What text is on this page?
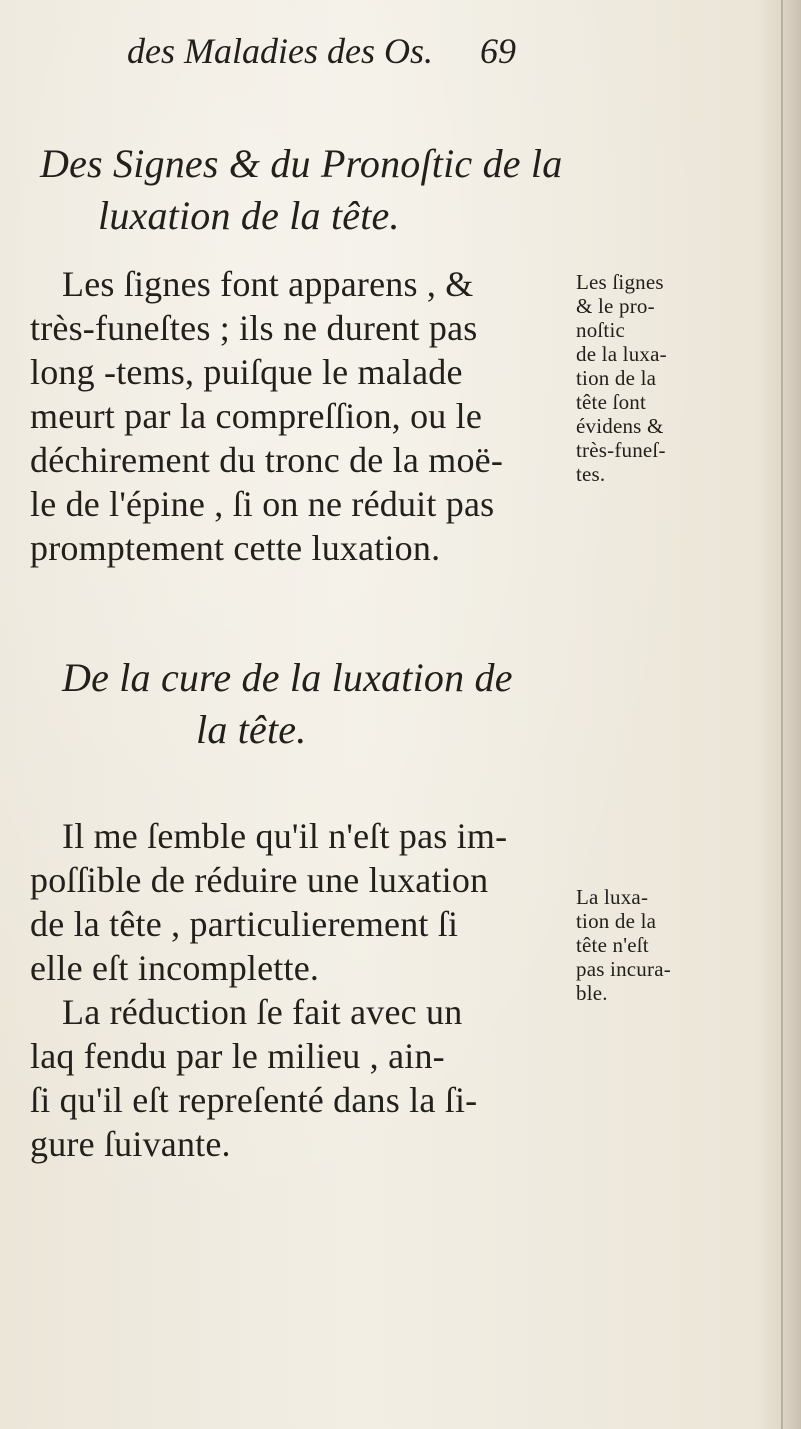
des Maladies des Os. 69
Des Signes & du Pronoſtic de la
luxation de la tête.
Les ſignes font apparens , &
très-funeſtes ; ils ne durent pas
long -tems, puiſque le malade
meurt par la compreſſion, ou le
déchirement du tronc de la moë-
le de l'épine , ſi on ne réduit pas
promptement cette luxation.
Les ſignes
& le pro-
noſtic
de la luxa-
tion de la
tête ſont
évidens &
très-funeſ-
tes.
De la cure de la luxation de
la tête.
Il me ſemble qu'il n'eſt pas im-
poſſible de réduire une luxation
de la tête , particulierement ſi
elle eſt incomplette.
La réduction ſe fait avec un
laq fendu par le milieu , ain-
ſi qu'il eſt repreſenté dans la ſi-
gure ſuivante.
La luxa-
tion de la
tête n'eſt
pas incura-
ble.
